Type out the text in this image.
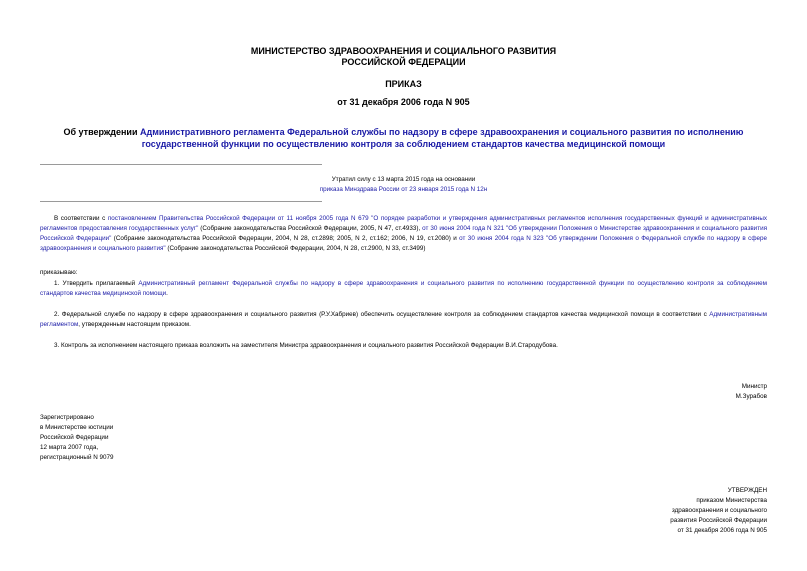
МИНИСТЕРСТВО ЗДРАВООХРАНЕНИЯ И СОЦИАЛЬНОГО РАЗВИТИЯ
РОССИЙСКОЙ ФЕДЕРАЦИИ
ПРИКАЗ
от 31 декабря 2006 года N 905
Об утверждении Административного регламента Федеральной службы по надзору в сфере здравоохранения и социального развития по исполнению
государственной функции по осуществлению контроля за соблюдением стандартов качества медицинской помощи
Утратил силу с 13 марта 2015 года на основании
приказа Минздрава России от 23 января 2015 года N 12н
В соответствии с постановлением Правительства Российской Федерации от 11 ноября 2005 года N 679 "О порядке разработки и утверждения административных регламентов исполнения государственных функций и административных регламентов предоставления государственных услуг" (Собрание законодательства Российской Федерации, 2005, N 47, ст.4933), от 30 июня 2004 года N 321 "Об утверждении Положения о Министерстве здравоохранения и социального развития Российской Федерации" (Собрание законодательства Российской Федерации, 2004, N 28, ст.2898; 2005, N 2, ст.162; 2006, N 19, ст.2080) и от 30 июня 2004 года N 323 "Об утверждении Положения о Федеральной службе по надзору в сфере здравоохранения и социального развития" (Собрание законодательства Российской Федерации, 2004, N 28, ст.2900, N 33, ст.3499)
приказываю:
1. Утвердить прилагаемый Административный регламент Федеральной службы по надзору в сфере здравоохранения и социального развития по исполнению государственной функции по осуществлению контроля за соблюдением стандартов качества медицинской помощи.
2. Федеральной службе по надзору в сфере здравоохранения и социального развития (Р.У.Хабриев) обеспечить осуществление контроля за соблюдением стандартов качества медицинской помощи в соответствии с Административным регламентом, утвержденным настоящим приказом.
3. Контроль за исполнением настоящего приказа возложить на заместителя Министра здравоохранения и социального развития Российской Федерации В.И.Стародубова.
Министр
М.Зурабов
Зарегистрировано
в Министерстве юстиции
Российской Федерации
12 марта 2007 года,
регистрационный N 9079
УТВЕРЖДЕН
приказом Министерства
здравоохранения и социального
развития Российской Федерации
от 31 декабря 2006 года N 905
